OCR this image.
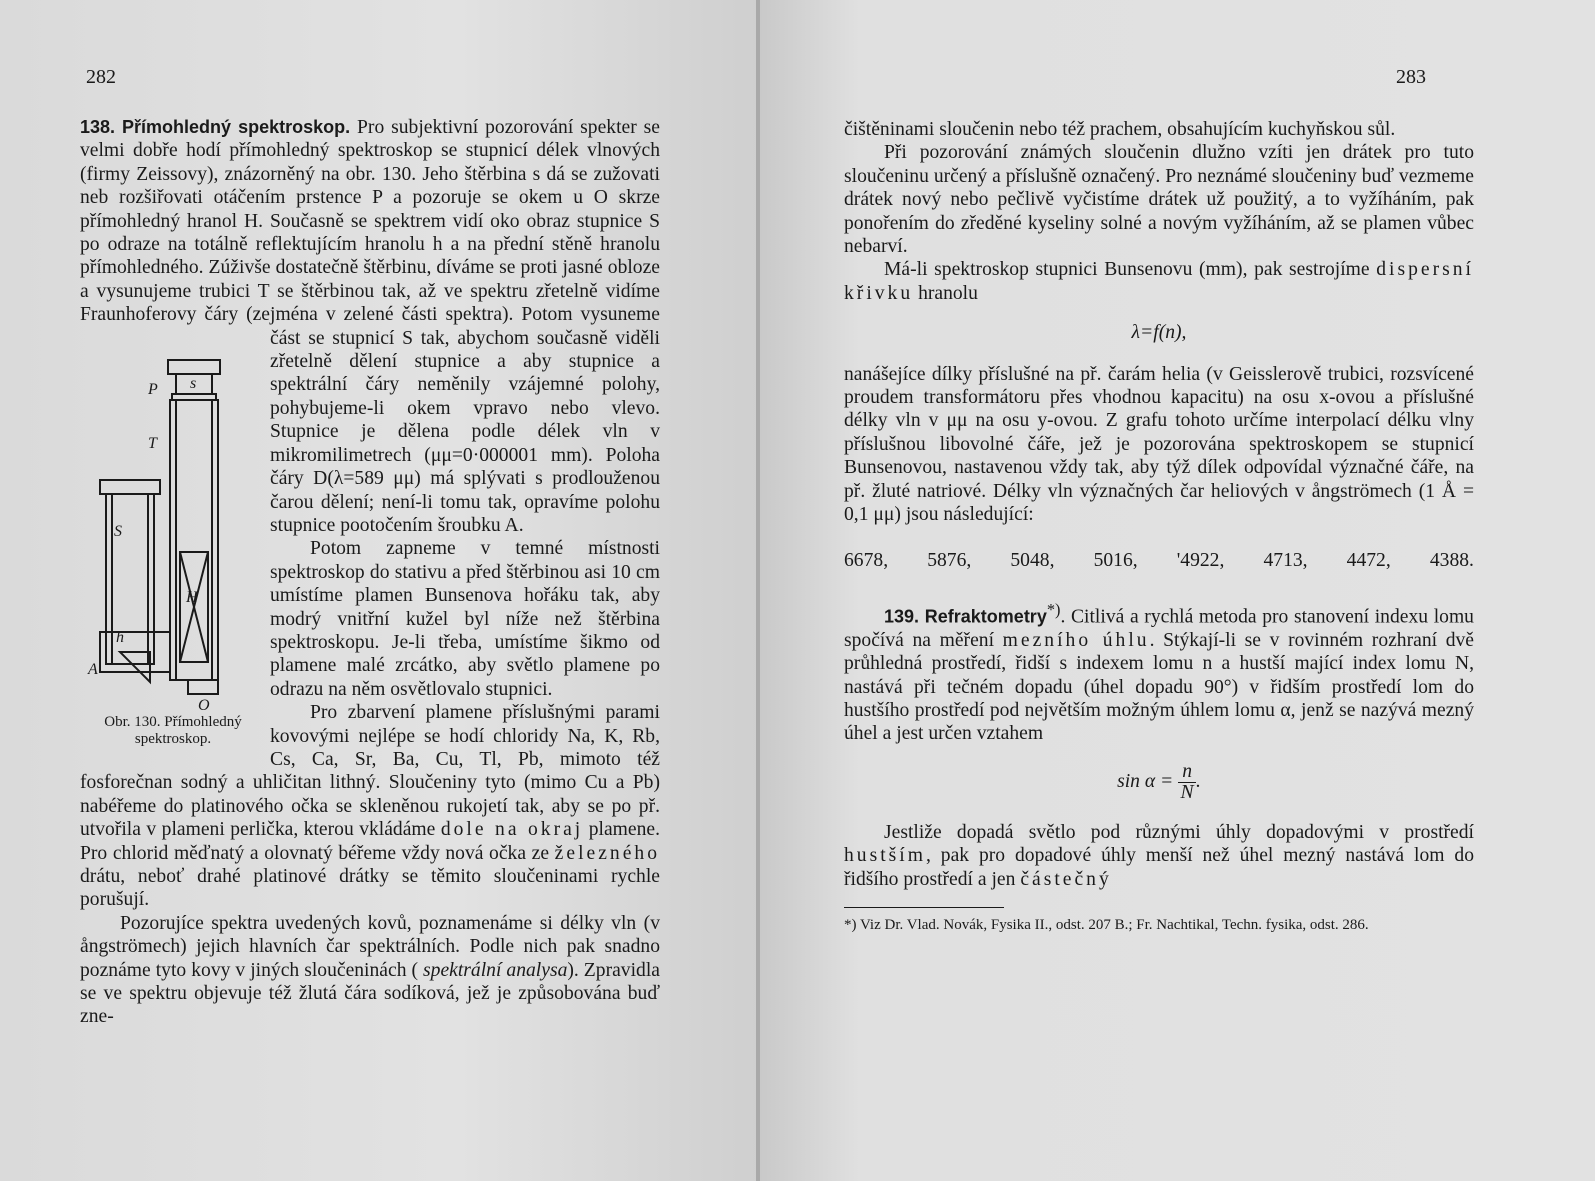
282
P s
T
S
H
h
A
O
Obr. 130. Přímohledný spektroskop.

138. Přímohledný spektroskop. Pro subjektivní pozorování spekter se velmi dobře hodí přímohledný spektroskop se stupnicí délek vlnových (firmy Zeissovy), znázorněný na obr. 130. Jeho štěrbina s dá se zužovati neb rozšiřovati otáčením prstence P a pozoruje se okem u O skrze přímohledný hranol H. Současně se spektrem vidí oko obraz stupnice S po odraze na totálně reflektujícím hranolu h a na přední stěně hranolu přímohledného. Zúživše dostatečně štěrbinu, díváme se proti jasné obloze a vysunujeme trubici T se štěrbinou tak, až ve spektru zřetelně vidíme Fraunhoferovy čáry (zejména v zelené části spektra). Potom vysuneme část se stupnicí S tak, abychom současně viděli zřetelně dělení stupnice a aby stupnice a spektrální čáry neměnily vzájemné polohy, pohybujeme-li okem vpravo nebo vlevo. Stupnice je dělena podle délek vln v mikromilimetrech (μμ=0·000001 mm). Poloha čáry D(λ=589 μμ) má splývati s prodlouženou čarou dělení; není-li tomu tak, opravíme polohu stupnice pootočením šroubku A.

Potom zapneme v temné místnosti spektroskop do stativu a před štěrbinou asi 10 cm umístíme plamen Bunsenova hořáku tak, aby modrý vnitřní kužel byl níže než štěrbina spektroskopu. Je-li třeba, umístíme šikmo od plamene malé zrcátko, aby světlo plamene po odrazu na něm osvětlovalo stupnici.

Pro zbarvení plamene příslušnými parami kovovými nejlépe se hodí chloridy Na, K, Rb, Cs, Ca, Sr, Ba, Cu, Tl, Pb, mimoto též fosforečnan sodný a uhličitan lithný. Sloučeniny tyto (mimo Cu a Pb) nabéřeme do platinového očka se skleněnou rukojetí tak, aby se po př. utvořila v plameni perlička, kterou vkládáme dole na okraj plamene. Pro chlorid měďnatý a olovnatý béřeme vždy nová očka ze železného drátu, neboť drahé platinové drátky se těmito sloučeninami rychle porušují.

Pozorujíce spektra uvedených kovů, poznamenáme si délky vln (v ångströmech) jejich hlavních čar spektrálních. Podle nich pak snadno poznáme tyto kovy v jiných sloučeninách ( spektrální analysa). Zpravidla se ve spektru objevuje též žlutá čára sodíková, jež je způsobována buď zne-

283

čištěninami sloučenin nebo též prachem, obsahujícím kuchyňskou sůl.

Při pozorování známých sloučenin dlužno vzíti jen drátek pro tuto sloučeninu určený a příslušně označený. Pro neznámé sloučeniny buď vezmeme drátek nový nebo pečlivě vyčistíme drátek už použitý, a to vyžíháním, pak ponořením do zředěné kyseliny solné a novým vyžíháním, až se plamen vůbec nebarví.

Má-li spektroskop stupnici Bunsenovu (mm), pak sestrojíme dispersní křivku hranolu

λ=f(n),

nanášejíce dílky příslušné na př. čarám helia (v Geisslerově trubici, rozsvícené proudem transformátoru přes vhodnou kapacitu) na osu x-ovou a příslušné délky vln v μμ na osu y-ovou. Z grafu tohoto určíme interpolací délku vlny příslušnou libovolné čáře, jež je pozorována spektroskopem se stupnicí Bunsenovou, nastavenou vždy tak, aby týž dílek odpovídal význačné čáře, na př. žluté natriové. Délky vln význačných čar heliových v ångströmech (1 Å = 0,1 μμ) jsou následující:

6678, 5876, 5048, 5016, '4922, 4713, 4472, 4388.

139. Refraktometry*). Citlivá a rychlá metoda pro stanovení indexu lomu spočívá na měření mezního úhlu. Stýkají-li se v rovinném rozhraní dvě průhledná prostředí, řidší s indexem lomu n a hustší mající index lomu N, nastává při tečném dopadu (úhel dopadu 90°) v řidším prostředí lom do hustšího prostředí pod největším možným úhlem lomu α, jenž se nazývá mezný úhel a jest určen vztahem

$\sin \alpha = \frac{n}{N}$ .

Jestliže dopadá světlo pod různými úhly dopadovými v prostředí hustším, pak pro dopadové úhly menší než úhel mezný nastává lom do řidšího prostředí a jen částečný

*) Viz Dr. Vlad. Novák, Fysika II., odst. 207 B.; Fr. Nachtikal, Techn. fysika, odst. 286.
